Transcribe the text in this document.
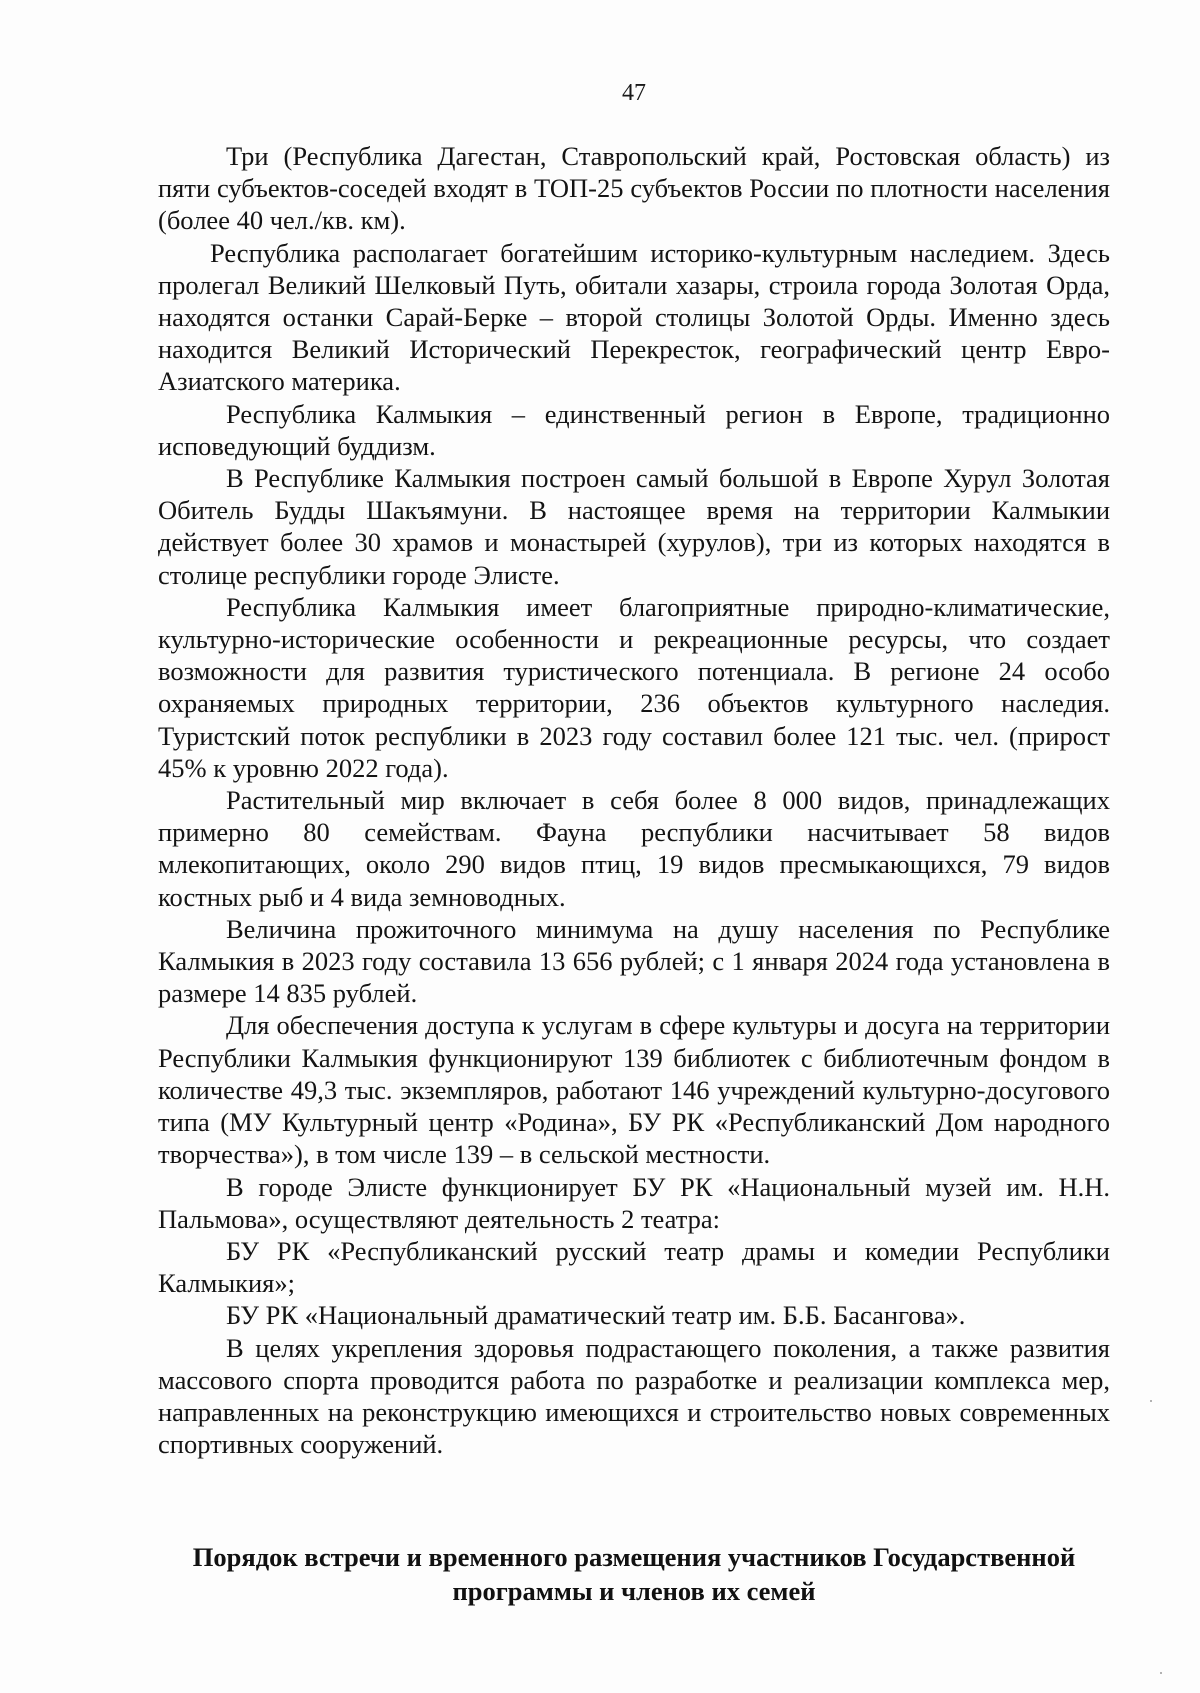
47

Три (Республика Дагестан, Ставропольский край, Ростовская область) из пяти субъектов-соседей входят в ТОП-25 субъектов России по плотности населения (более 40 чел./кв. км).

Республика располагает богатейшим историко-культурным наследием. Здесь пролегал Великий Шелковый Путь, обитали хазары, строила города Золотая Орда, находятся останки Сарай-Берке – второй столицы Золотой Орды. Именно здесь находится Великий Исторический Перекресток, географический центр Евро-Азиатского материка.

Республика Калмыкия – единственный регион в Европе, традиционно исповедующий буддизм.

В Республике Калмыкия построен самый большой в Европе Хурул Золотая Обитель Будды Шакъямуни. В настоящее время на территории Калмыкии действует более 30 храмов и монастырей (хурулов), три из которых находятся в столице республики городе Элисте.

Республика Калмыкия имеет благоприятные природно-климатические, культурно-исторические особенности и рекреационные ресурсы, что создает возможности для развития туристического потенциала. В регионе 24 особо охраняемых природных территории, 236 объектов культурного наследия. Туристский поток республики в 2023 году составил более 121 тыс. чел. (прирост 45% к уровню 2022 года).

Растительный мир включает в себя более 8 000 видов, принадлежащих примерно 80 семействам. Фауна республики насчитывает 58 видов млекопитающих, около 290 видов птиц, 19 видов пресмыкающихся, 79 видов костных рыб и 4 вида земноводных.

Величина прожиточного минимума на душу населения по Республике Калмыкия в 2023 году составила 13 656 рублей; с 1 января 2024 года установлена в размере 14 835 рублей.

Для обеспечения доступа к услугам в сфере культуры и досуга на территории Республики Калмыкия функционируют 139 библиотек с библиотечным фондом в количестве 49,3 тыс. экземпляров, работают 146 учреждений культурно-досугового типа (МУ Культурный центр «Родина», БУ РК «Республиканский Дом народного творчества»), в том числе 139 – в сельской местности.

В городе Элисте функционирует БУ РК «Национальный музей им. Н.Н. Пальмова», осуществляют деятельность 2 театра:

БУ РК «Республиканский русский театр драмы и комедии Республики Калмыкия»;

БУ РК «Национальный драматический театр им. Б.Б. Басангова».

В целях укрепления здоровья подрастающего поколения, а также развития массового спорта проводится работа по разработке и реализации комплекса мер, направленных на реконструкцию имеющихся и строительство новых современных спортивных сооружений.

Порядок встречи и временного размещения участников Государственной
программы и членов их семей
